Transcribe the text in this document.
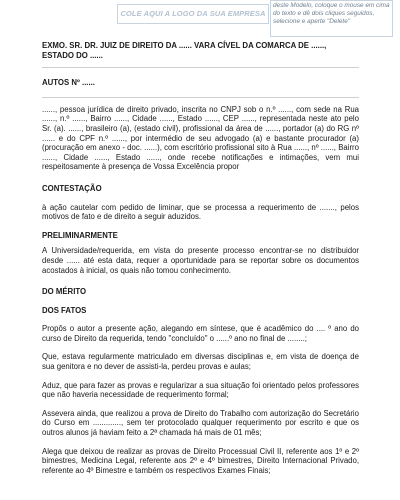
COLE AQUI A LOGO DA SUA EMPRESA
deste Modelo, coloque o mouse em cima do texto e dê dois cliques seguidos, selecione e aperte "Delete"

EXMO. SR. DR. JUIZ DE DIREITO DA ...... VARA CÍVEL DA COMARCA DE ......, ESTADO DO ......

AUTOS Nº ......

......, pessoa jurídica de direito privado, inscrita no CNPJ sob o n.º ......, com sede na Rua ......, n.º ......, Bairro ......, Cidade ......, Estado ......, CEP ......, representada neste ato pelo Sr. (a). ......, brasileiro (a), (estado civil), profissional da área de ......, portador (a) do RG nº ...... e do CPF n.º ......, por intermédio de seu advogado (a) e bastante procurador (a) (procuração em anexo - doc. ......), com escritório profissional sito à Rua ......, nº ......, Bairro ......, Cidade ......, Estado ......, onde recebe notificações e intimações, vem mui respeitosamente à presença de Vossa Excelência propor

CONTESTAÇÃO

à ação cautelar com pedido de liminar, que se processa a requerimento de ......., pelos motivos de fato e de direito a seguir aduzidos.

PRELIMINARMENTE

A Universidade/requerida, em vista do presente processo encontrar-se no distribuidor desde ...... até esta data, requer a oportunidade para se reportar sobre os documentos acostados à inicial, os quais não tomou conhecimento.

DO MÉRITO

DOS FATOS

Propôs o autor a presente ação, alegando em síntese, que é acadêmico do .... º ano do curso de Direito da requerida, tendo "concluído" o ......º ano no final de ........;

Que, estava regularmente matriculado em diversas disciplinas e, em vista de doença de sua genitora e no dever de assisti-la, perdeu provas e aulas;

Aduz, que para fazer as provas e regularizar a sua situação foi orientado pelos professores que não haveria necessidade de requerimento formal;

Assevera ainda, que realizou a prova de Direito do Trabalho com autorização do Secretário do Curso em ............., sem ter protocolado qualquer requerimento por escrito e que os outros alunos já haviam feito a 2ª chamada há mais de 01 mês;

Alega que deixou de realizar as provas de Direito Processual Civil II, referente aos 1º e 2º bimestres, Medicina Legal, referente aos 2º e 4º bimestres, Direito Internacional Privado, referente ao 4º Bimestre e também os respectivos Exames Finais;
